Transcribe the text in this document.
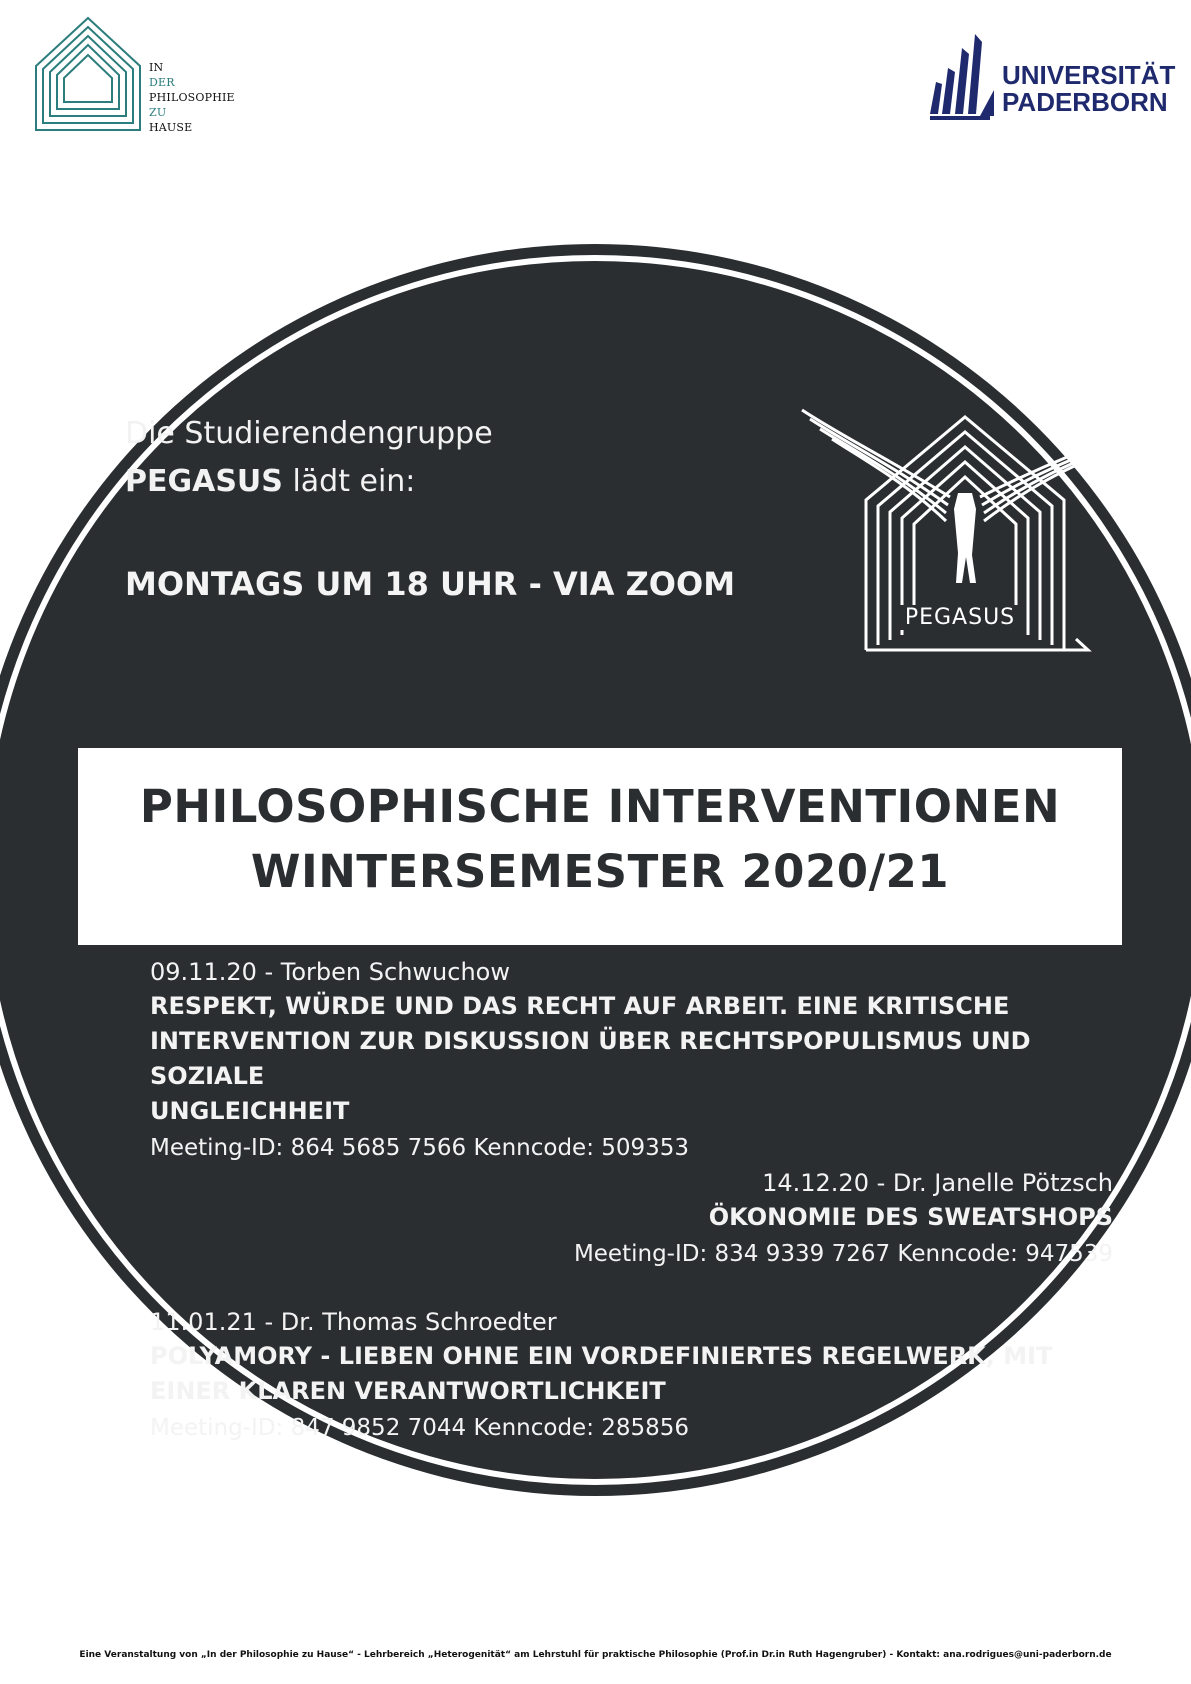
IN
DER
PHILOSOPHIE
ZU
HAUSE
UNIVERSITÄT
PADERBORN
Die Studierendengruppe
PEGASUS lädt ein:
MONTAGS UM 18 UHR - VIA ZOOM
PEGASUS
PHILOSOPHISCHE INTERVENTIONEN
WINTERSEMESTER 2020/21
09.11.20 - Torben Schwuchow
RESPEKT, WÜRDE UND DAS RECHT AUF ARBEIT. EINE KRITISCHE
INTERVENTION ZUR DISKUSSION ÜBER RECHTSPOPULISMUS UND SOZIALE
UNGLEICHHEIT
Meeting-ID: 864 5685 7566 Kenncode: 509353
14.12.20 - Dr. Janelle Pötzsch
ÖKONOMIE DES SWEATSHOPS
Meeting-ID: 834 9339 7267 Kenncode: 947539
11.01.21 - Dr. Thomas Schroedter
POLYAMORY - LIEBEN OHNE EIN VORDEFINIERTES REGELWERK, MIT
EINER KLAREN VERANTWORTLICHKEIT
Meeting-ID: 847 9852 7044 Kenncode: 285856
Eine Veranstaltung von „In der Philosophie zu Hause“ - Lehrbereich „Heterogenität“ am Lehrstuhl für praktische Philosophie (Prof.in Dr.in Ruth Hagengruber) - Kontakt: ana.rodrigues@uni-paderborn.de
